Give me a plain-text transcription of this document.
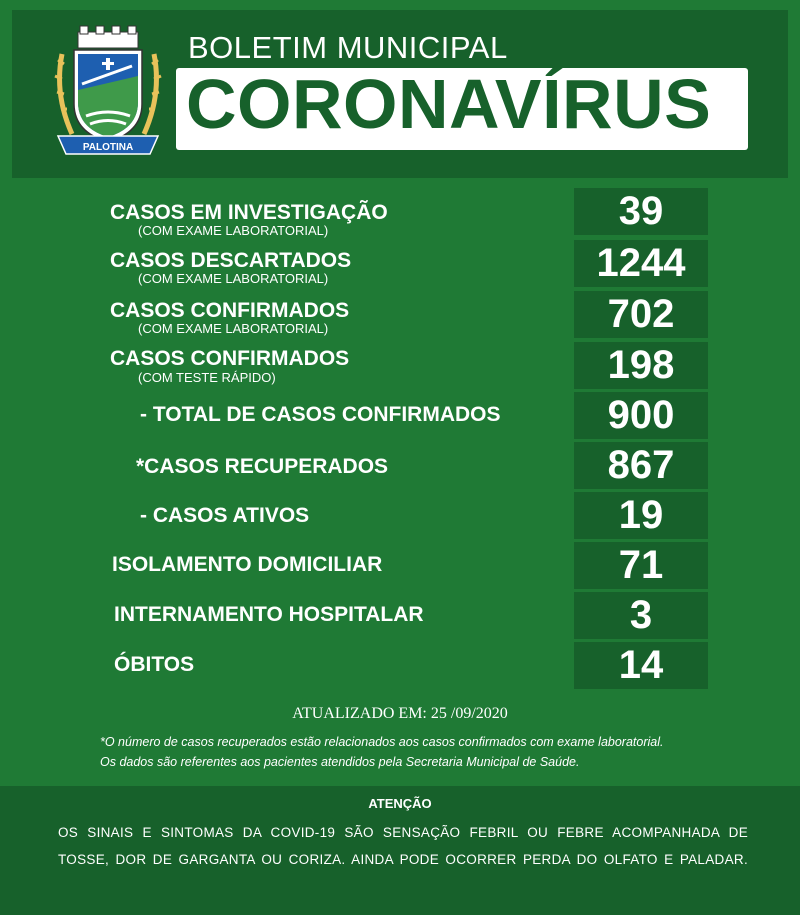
PALOTINA
BOLETIM MUNICIPAL
CORONAVÍRUS
CASOS EM INVESTIGAÇÃO
(COM EXAME LABORATORIAL)	39
CASOS DESCARTADOS
(COM EXAME LABORATORIAL)	1244
CASOS CONFIRMADOS
(COM EXAME LABORATORIAL)	702
CASOS CONFIRMADOS
(COM TESTE RÁPIDO)	198
- TOTAL DE CASOS CONFIRMADOS	900
*CASOS RECUPERADOS	867
- CASOS ATIVOS	19
ISOLAMENTO DOMICILIAR	71
INTERNAMENTO HOSPITALAR	3
ÓBITOS	14
ATUALIZADO EM: 25 /09/2020
*O número de casos recuperados estão relacionados aos casos confirmados com exame laboratorial.
Os dados são referentes aos pacientes atendidos pela Secretaria Municipal de Saúde.
ATENÇÃO
OS SINAIS E SINTOMAS DA COVID-19 SÃO SENSAÇÃO FEBRIL OU FEBRE ACOMPANHADA DE
TOSSE, DOR DE GARGANTA OU CORIZA. AINDA PODE OCORRER PERDA DO OLFATO E PALADAR.
